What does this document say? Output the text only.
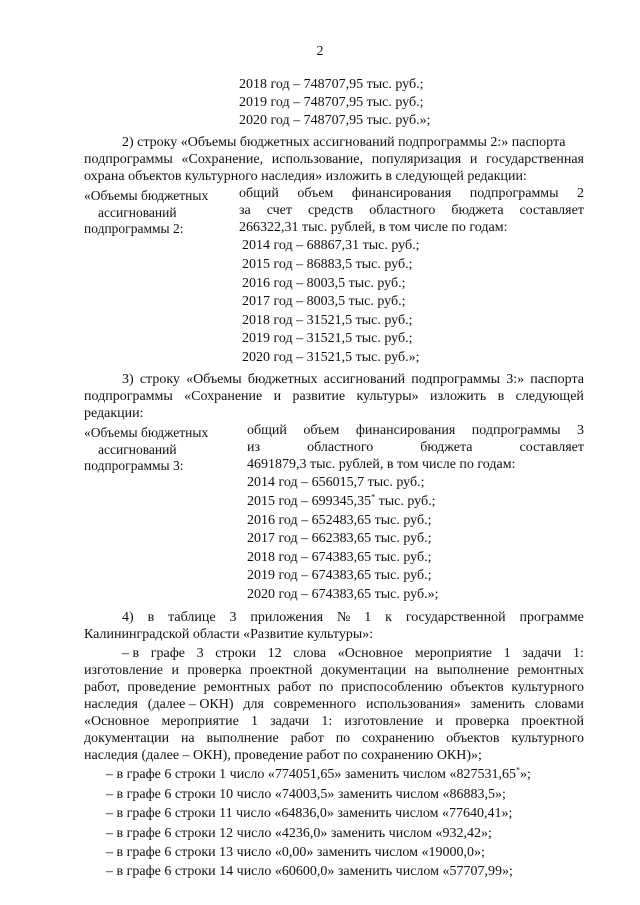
2
2018 год – 748707,95 тыс. руб.;
2019 год – 748707,95 тыс. руб.;
2020 год – 748707,95 тыс. руб.»;
2) строку «Объемы бюджетных ассигнований подпрограммы 2:» паспорта
подпрограммы «Сохранение, использование, популяризация и государственная
охрана объектов культурного наследия» изложить в следующей редакции:
«Объемы бюджетных
ассигнований
подпрограммы 2:
общий объем финансирования подпрограммы 2
за счет средств областного бюджета составляет
266322,31 тыс. рублей, в том числе по годам:
2014 год – 68867,31 тыс. руб.;
2015 год – 86883,5 тыс. руб.;
2016 год – 8003,5 тыс. руб.;
2017 год – 8003,5 тыс. руб.;
2018 год – 31521,5 тыс. руб.;
2019 год – 31521,5 тыс. руб.;
2020 год – 31521,5 тыс. руб.»;
3) строку «Объемы бюджетных ассигнований подпрограммы 3:» паспорта
подпрограммы «Сохранение и развитие культуры» изложить в следующей
редакции:
«Объемы бюджетных
ассигнований
подпрограммы 3:
общий объем финансирования подпрограммы 3
из	областного	бюджета	составляет
4691879,3 тыс. рублей, в том числе по годам:
2014 год – 656015,7 тыс. руб.;
2015 год – 699345,35* тыс. руб.;
2016 год – 652483,65 тыс. руб.;
2017 год – 662383,65 тыс. руб.;
2018 год – 674383,65 тыс. руб.;
2019 год – 674383,65 тыс. руб.;
2020 год – 674383,65 тыс. руб.»;
4) в таблице 3 приложения № 1 к государственной программе
Калининградской области «Развитие культуры»:
– в графе 3 строки 12 слова «Основное мероприятие 1 задачи 1:
изготовление и проверка проектной документации на выполнение ремонтных
работ, проведение ремонтных работ по приспособлению объектов культурного
наследия (далее – ОКН) для современного использования» заменить словами
«Основное мероприятие 1 задачи 1: изготовление и проверка проектной
документации на выполнение работ по сохранению объектов культурного
наследия (далее – ОКН), проведение работ по сохранению ОКН)»;
– в графе 6 строки 1 число «774051,65» заменить числом «827531,65*»;
– в графе 6 строки 10 число «74003,5» заменить числом «86883,5»;
– в графе 6 строки 11 число «64836,0» заменить числом «77640,41»;
– в графе 6 строки 12 число «4236,0» заменить числом «932,42»;
– в графе 6 строки 13 число «0,00» заменить числом «19000,0»;
– в графе 6 строки 14 число «60600,0» заменить числом «57707,99»;
